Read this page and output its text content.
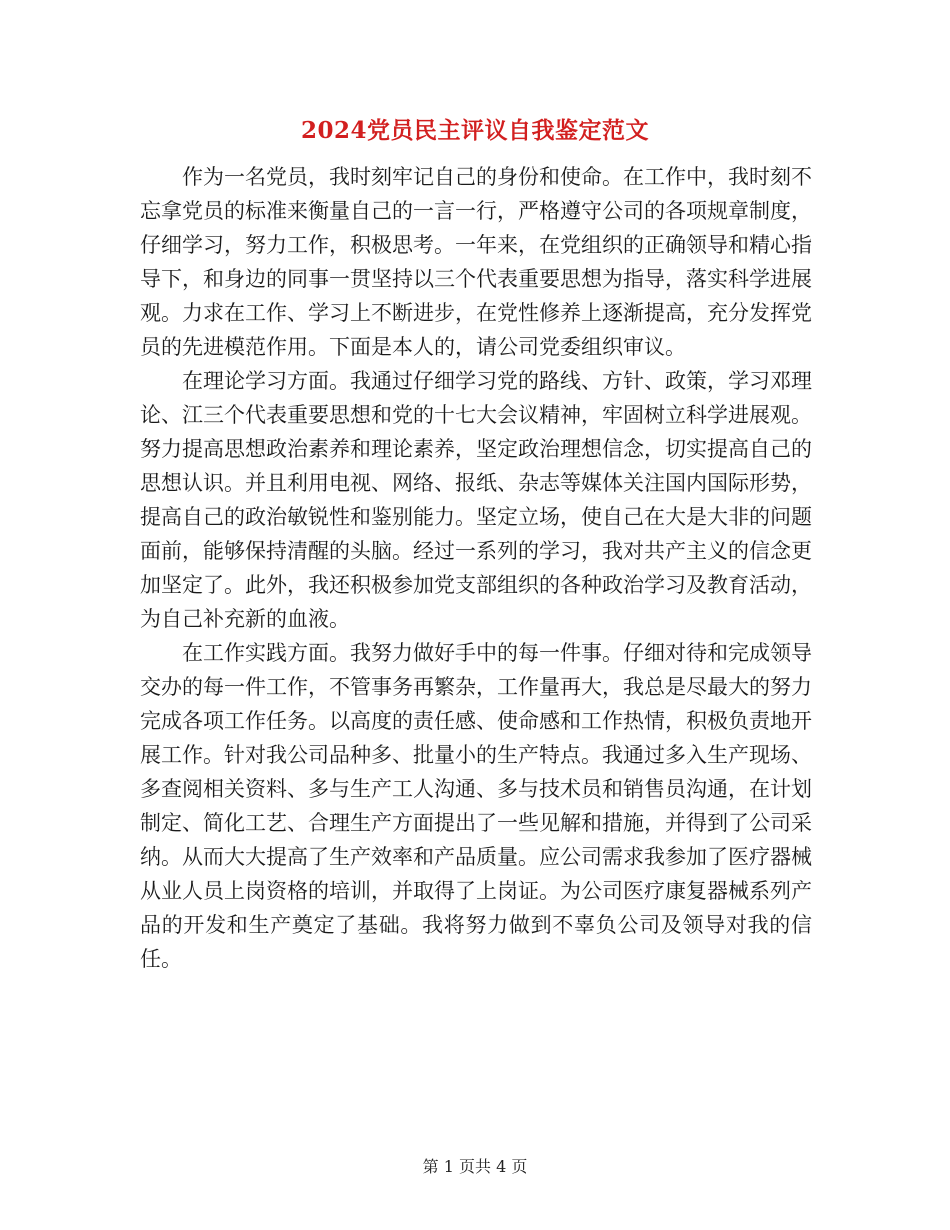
2024党员民主评议自我鉴定范文

作为一名党员，我时刻牢记自己的身份和使命。在工作中，我时刻不忘拿党员的标准来衡量自己的一言一行，严格遵守公司的各项规章制度，仔细学习，努力工作，积极思考。一年来，在党组织的正确领导和精心指导下，和身边的同事一贯坚持以三个代表重要思想为指导，落实科学进展观。力求在工作、学习上不断进步，在党性修养上逐渐提高，充分发挥党员的先进模范作用。下面是本人的，请公司党委组织审议。

在理论学习方面。我通过仔细学习党的路线、方针、政策，学习邓理论、江三个代表重要思想和党的十七大会议精神，牢固树立科学进展观。努力提高思想政治素养和理论素养，坚定政治理想信念，切实提高自己的思想认识。并且利用电视、网络、报纸、杂志等媒体关注国内国际形势，提高自己的政治敏锐性和鉴别能力。坚定立场，使自己在大是大非的问题面前，能够保持清醒的头脑。经过一系列的学习，我对共产主义的信念更加坚定了。此外，我还积极参加党支部组织的各种政治学习及教育活动，为自己补充新的血液。

在工作实践方面。我努力做好手中的每一件事。仔细对待和完成领导交办的每一件工作，不管事务再繁杂，工作量再大，我总是尽最大的努力完成各项工作任务。以高度的责任感、使命感和工作热情，积极负责地开展工作。针对我公司品种多、批量小的生产特点。我通过多入生产现场、多查阅相关资料、多与生产工人沟通、多与技术员和销售员沟通，在计划制定、简化工艺、合理生产方面提出了一些见解和措施，并得到了公司采纳。从而大大提高了生产效率和产品质量。应公司需求我参加了医疗器械从业人员上岗资格的培训，并取得了上岗证。为公司医疗康复器械系列产品的开发和生产奠定了基础。我将努力做到不辜负公司及领导对我的信任。

第 1 页共 4 页
